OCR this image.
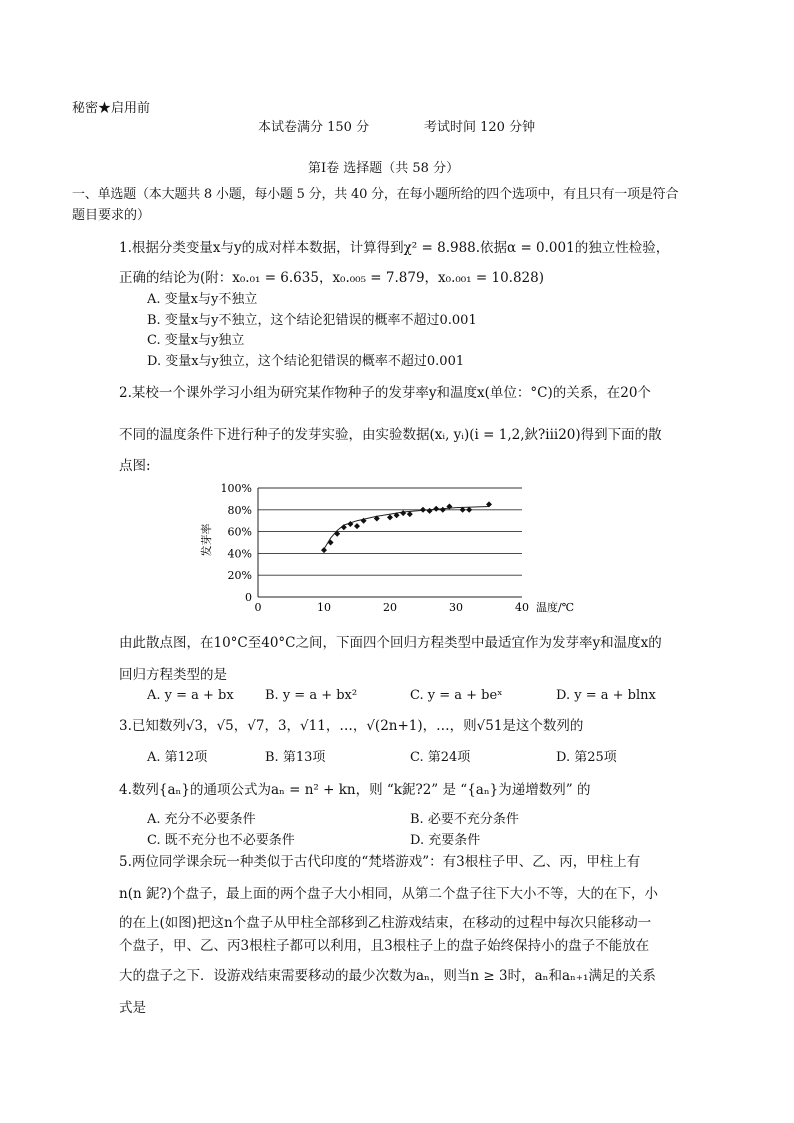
秘密★启用前
本试卷满分 150 分	考试时间 120 分钟
第Ⅰ卷 选择题（共 58 分）
一、单选题（本大题共 8 小题，每小题 5 分，共 40 分，在每小题所给的四个选项中，有且只有一项是符合
题目要求的）
1.根据分类变量x与y的成对样本数据，计算得到χ² = 8.988.依据α = 0.001的独立性检验，
正确的结论为(附：x₀.₀₁ = 6.635，x₀.₀₀₅ = 7.879，x₀.₀₀₁ = 10.828)
A. 变量x与y不独立
B. 变量x与y不独立，这个结论犯错误的概率不超过0.001
C. 变量x与y独立
D. 变量x与y独立，这个结论犯错误的概率不超过0.001
2.某校一个课外学习小组为研究某作物种子的发芽率y和温度x(单位：°C)的关系，在20个
不同的温度条件下进行种子的发芽实验，由实验数据(xᵢ, yᵢ)(i = 1,2,鈥?iii20)得到下面的散
点图:
0
20%
40%
60%
80%
100%
0	10	20	30	40
发芽率
温度/℃
由此散点图，在10°C至40°C之间，下面四个回归方程类型中最适宜作为发芽率y和温度x的
回归方程类型的是
A. y = a + bx B. y = a + bx²	C. y = a + beˣ	D. y = a + blnx
3.已知数列√3，√5，√7，3，√11，…，√(2n+1)，…，则√51是这个数列的
A. 第12项	B. 第13项	C. 第24项	D. 第25项
4.数列{aₙ}的通项公式为aₙ = n² + kn，则 “k鈮?2” 是 “{aₙ}为递增数列” 的
A. 充分不必要条件	B. 必要不充分条件
C. 既不充分也不必要条件	D. 充要条件
5.两位同学课余玩一种类似于古代印度的“梵塔游戏”：有3根柱子甲、乙、丙，甲柱上有
n(n 鈮?)个盘子，最上面的两个盘子大小相同，从第二个盘子往下大小不等，大的在下，小
的在上(如图)把这n个盘子从甲柱全部移到乙柱游戏结束，在移动的过程中每次只能移动一
个盘子，甲、乙、丙3根柱子都可以利用，且3根柱子上的盘子始终保持小的盘子不能放在
大的盘子之下．设游戏结束需要移动的最少次数为aₙ，则当n ≥ 3时，aₙ和aₙ₊₁满足的关系
式是
